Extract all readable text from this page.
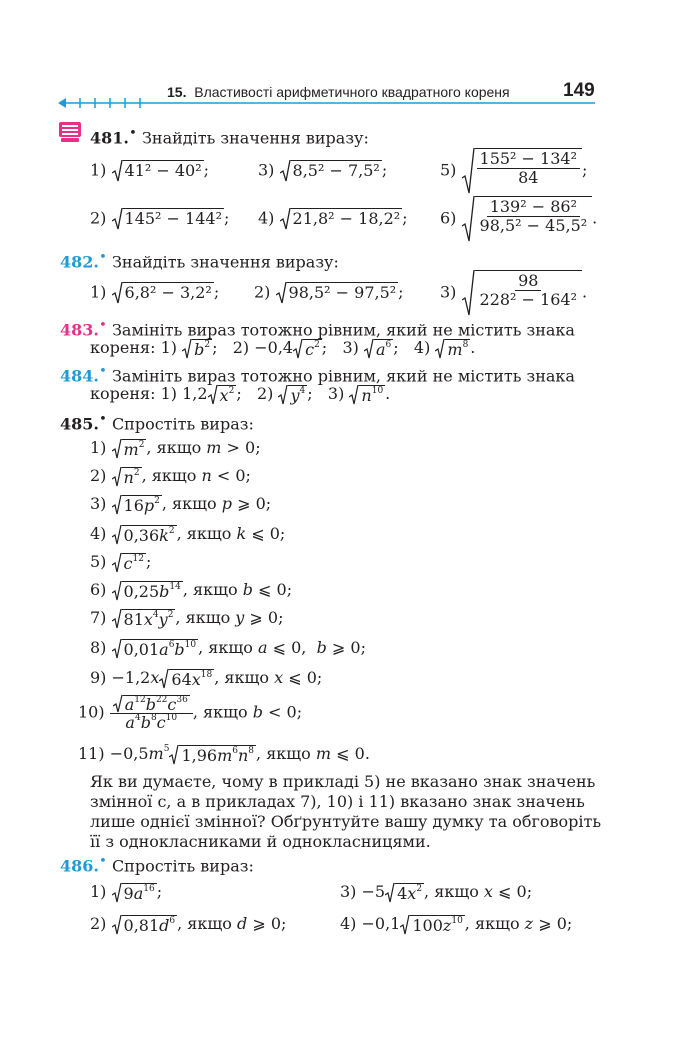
15. Властивості арифметичного квадратного кореня	149
481.• Знайдіть значення виразу:
1) 41² − 40² ;	3) 8,5² − 7,5² ;	$5) \frac{\text{155² − 134²}}{84}$ ;
2) 145² − 144² ; 4) 21,8² − 18,2² ; $6) \frac{\text{139² − 86²}}{\text{98,5² − 45,5²}}$ .
482.• Знайдіть значення виразу:
1) 6,8² − 3,2² ; 2) 98,5² − 97,5² ; $3) \frac{98}{\text{228² − 164²}}$ .
483.• Замініть вираз тотожно рівним, який не містить знака
кореня: 1) $b^2$ ;   2) −0,4 $c^2$ ;   3) $a^6$ ;   4) $m^8$ .
484.• Замініть вираз тотожно рівним, який не містить знака
кореня: 1) 1,2 $x^2$ ;   2) $y^4$ ;   3) $n^{10}$ .
485.• Спростіть вираз:
1) $m^2$ , якщо m > 0;
2) $n^2$ , якщо n < 0;
3) $16p^2$ , якщо p ⩾ 0;
4) $0,36k^2$ , якщо k ⩽ 0;
5) $c^{12}$ ;
6) $0,25b^{14}$ , якщо b ⩽ 0;
7) $81x^4y^2$ , якщо y ⩾ 0;
8) $0,01a^6b^{10}$ , якщо a ⩽ 0,  b ⩾ 0;
9) −1,2x $64x^{18}$ , якщо x ⩽ 0;
$10) \frac{a^{12}b^{22}c^{36}}{a^4b^8c^{10}}$ , якщо b < 0;
$11) -0,5m^5$ $1,96m^6n^8$ , якщо m ⩽ 0.
Як ви думаєте, чому в прикладі 5) не вказано знак значень змінної c, а в прикладах 7), 10) і 11) вказано знак значень лише однієї змінної? Обґрунтуйте вашу думку та обговоріть її з однокласниками й однокласницями.
486.• Спростіть вираз:
1) $9a^{16}$ ;	3) −5 $4x^2$ , якщо x ⩽ 0;
2) $0,81d^6$ , якщо d ⩾ 0;	4) −0,1 $100z^{10}$ , якщо z ⩾ 0;
